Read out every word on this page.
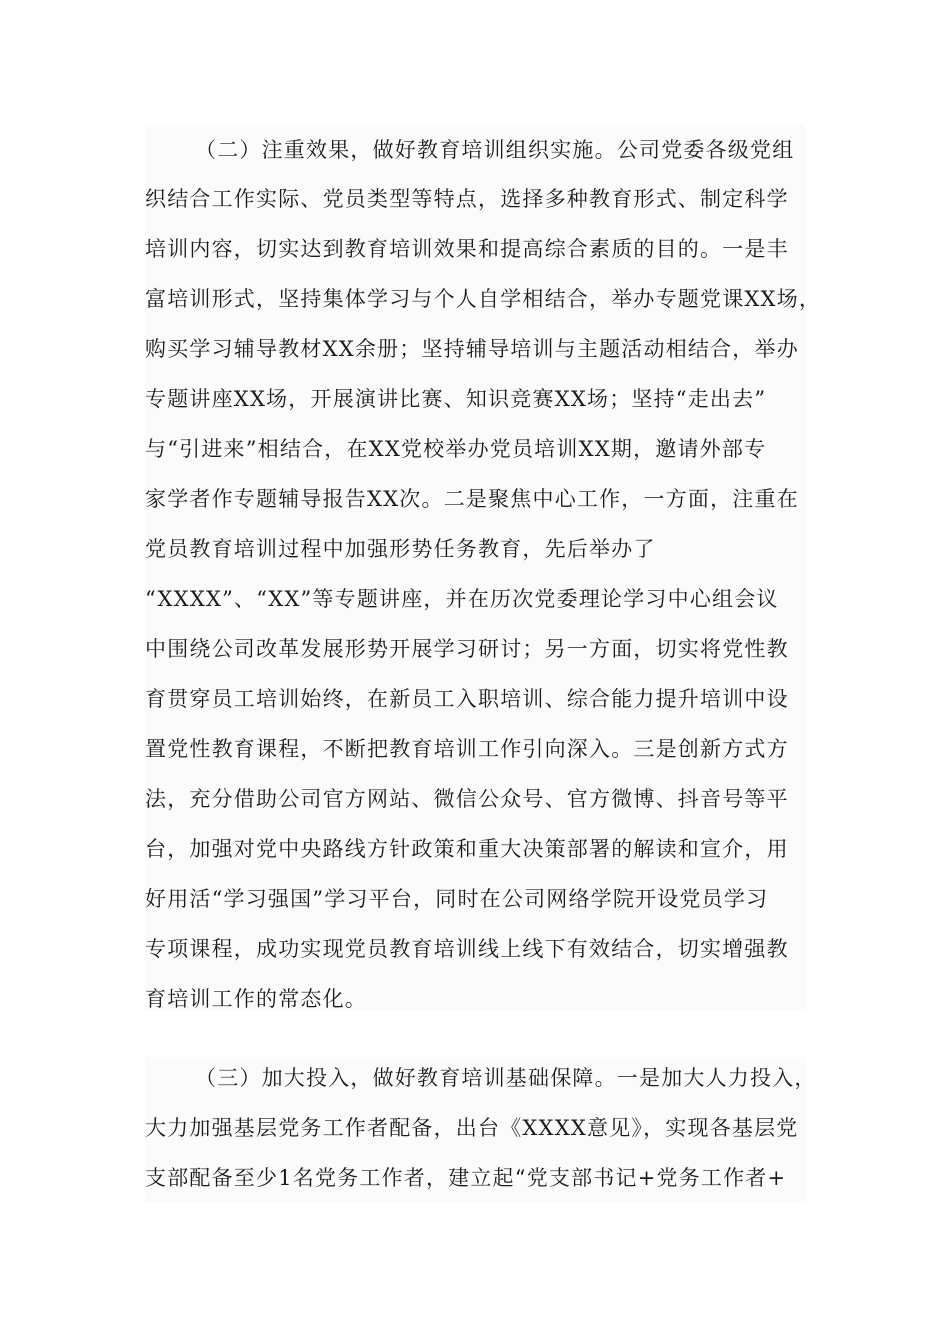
（二）注重效果，做好教育培训组织实施。公司党委各级党组
织结合工作实际、党员类型等特点，选择多种教育形式、制定科学
培训内容，切实达到教育培训效果和提高综合素质的目的。一是丰
富培训形式，坚持集体学习与个人自学相结合，举办专题党课XX场，
购买学习辅导教材XX余册；坚持辅导培训与主题活动相结合，举办
专题讲座XX场，开展演讲比赛、知识竞赛XX场；坚持“走出去”
与“引进来”相结合，在XX党校举办党员培训XX期，邀请外部专
家学者作专题辅导报告XX次。二是聚焦中心工作，一方面，注重在
党员教育培训过程中加强形势任务教育，先后举办了
“XXXX”、“XX”等专题讲座，并在历次党委理论学习中心组会议
中围绕公司改革发展形势开展学习研讨；另一方面，切实将党性教
育贯穿员工培训始终，在新员工入职培训、综合能力提升培训中设
置党性教育课程，不断把教育培训工作引向深入。三是创新方式方
法，充分借助公司官方网站、微信公众号、官方微博、抖音号等平
台，加强对党中央路线方针政策和重大决策部署的解读和宣介，用
好用活“学习强国”学习平台，同时在公司网络学院开设党员学习
专项课程，成功实现党员教育培训线上线下有效结合，切实增强教
育培训工作的常态化。
（三）加大投入，做好教育培训基础保障。一是加大人力投入，
大力加强基层党务工作者配备，出台《XXXX意见》，实现各基层党
支部配备至少1名党务工作者，建立起“党支部书记+党务工作者+
